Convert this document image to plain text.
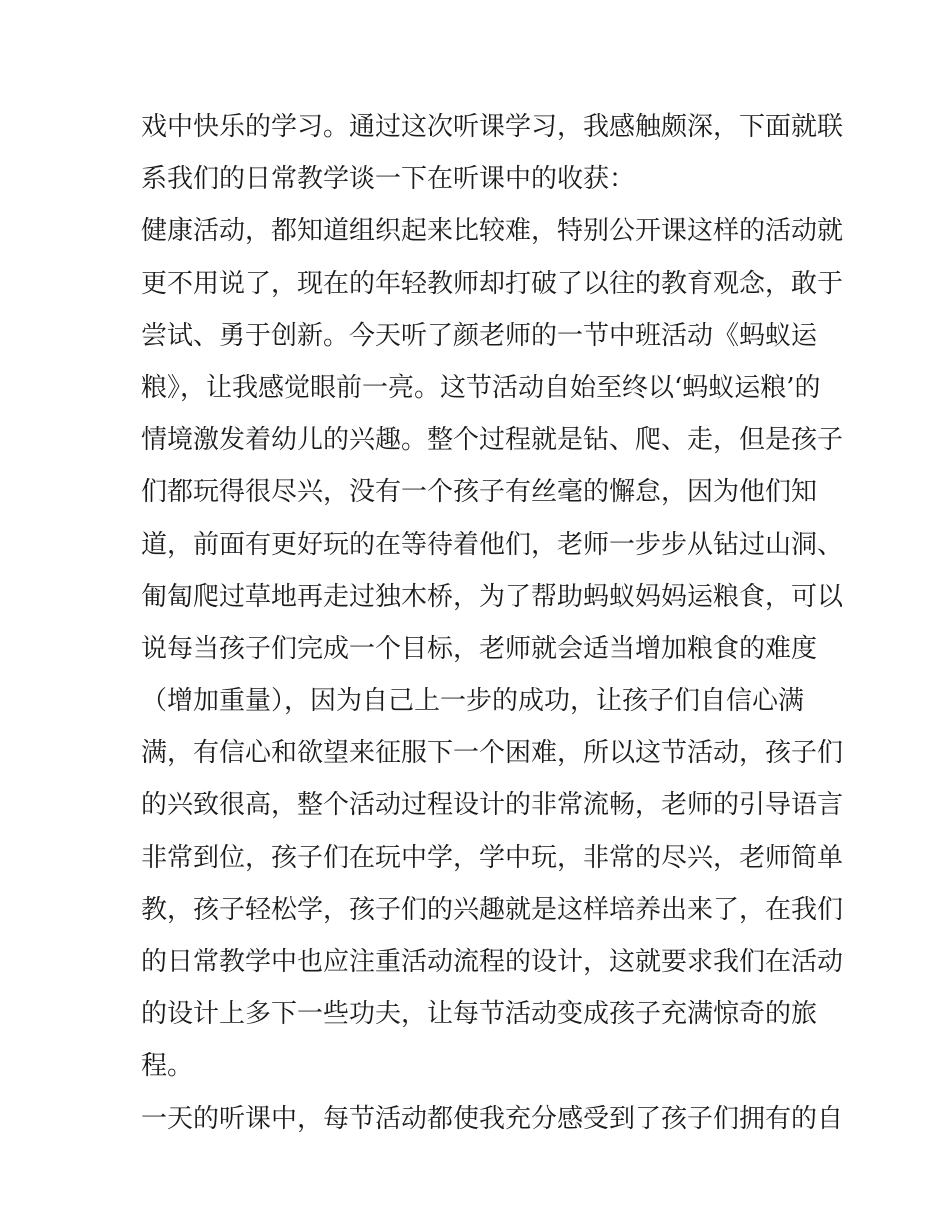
戏中快乐的学习。通过这次听课学习，我感触颇深，下面就联
系我们的日常教学谈一下在听课中的收获：
健康活动，都知道组织起来比较难，特别公开课这样的活动就
更不用说了，现在的年轻教师却打破了以往的教育观念，敢于
尝试、勇于创新。今天听了颜老师的一节中班活动《蚂蚁运
粮》，让我感觉眼前一亮。这节活动自始至终以‘蚂蚁运粮’的
情境激发着幼儿的兴趣。整个过程就是钻、爬、走，但是孩子
们都玩得很尽兴，没有一个孩子有丝毫的懈怠，因为他们知
道，前面有更好玩的在等待着他们，老师一步步从钻过山洞、
匍匐爬过草地再走过独木桥，为了帮助蚂蚁妈妈运粮食，可以
说每当孩子们完成一个目标，老师就会适当增加粮食的难度
（增加重量），因为自己上一步的成功，让孩子们自信心满
满，有信心和欲望来征服下一个困难，所以这节活动，孩子们
的兴致很高，整个活动过程设计的非常流畅，老师的引导语言
非常到位，孩子们在玩中学，学中玩，非常的尽兴，老师简单
教，孩子轻松学，孩子们的兴趣就是这样培养出来了，在我们
的日常教学中也应注重活动流程的设计，这就要求我们在活动
的设计上多下一些功夫，让每节活动变成孩子充满惊奇的旅
程。
一天的听课中，每节活动都使我充分感受到了孩子们拥有的自
